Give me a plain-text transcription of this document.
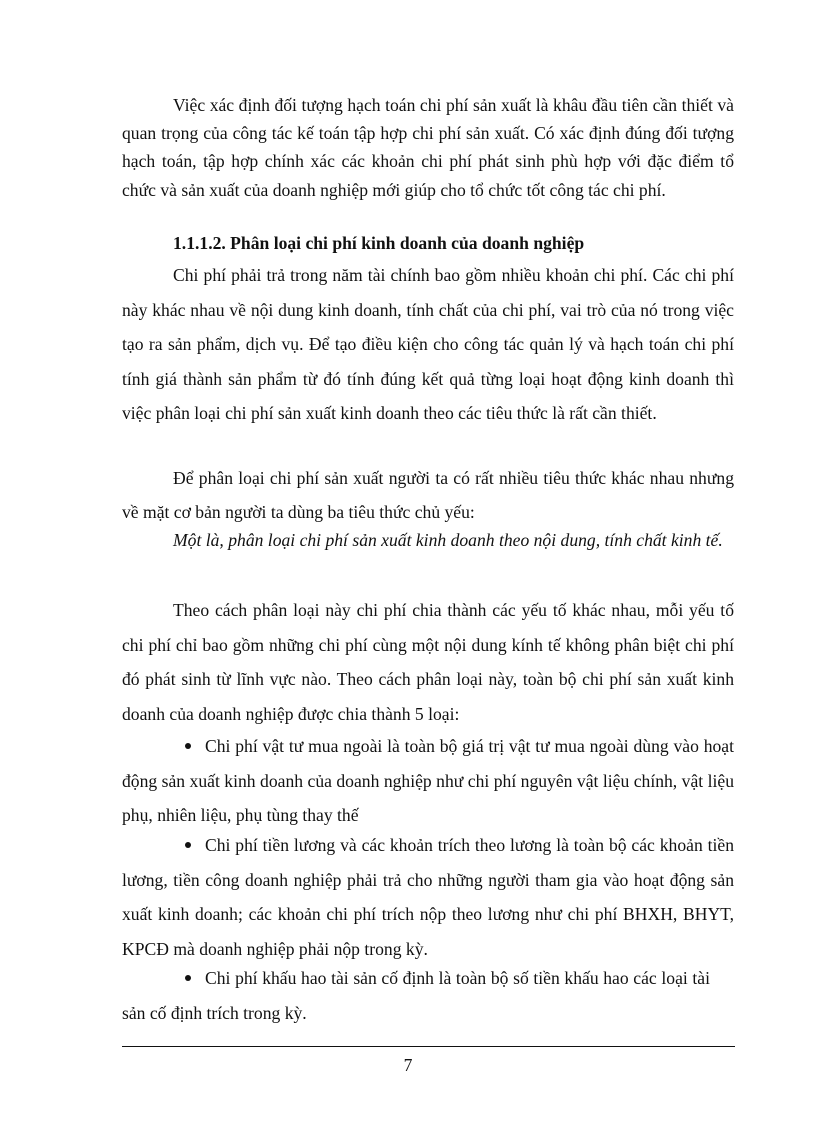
Việc xác định đối tượng hạch toán chi phí sản xuất là khâu đầu tiên cần thiết và quan trọng của công tác kế toán tập hợp chi phí sản xuất. Có xác định đúng đối tượng hạch toán, tập hợp chính xác các khoản chi phí phát sinh phù hợp với đặc điểm tổ chức và sản xuất của doanh nghiệp mới giúp cho tổ chức tốt công tác chi phí.

1.1.1.2. Phân loại chi phí kinh doanh của doanh nghiệp

Chi phí phải trả trong năm tài chính bao gồm nhiều khoản chi phí. Các chi phí này khác nhau về nội dung kinh doanh, tính chất của chi phí, vai trò của nó trong việc tạo ra sản phẩm, dịch vụ. Để tạo điều kiện cho công tác quản lý và hạch toán chi phí tính giá thành sản phẩm từ đó tính đúng kết quả từng loại hoạt động kinh doanh thì việc phân loại chi phí sản xuất kinh doanh theo các tiêu thức là rất cần thiết.

Để phân loại chi phí sản xuất người ta có rất nhiều tiêu thức khác nhau nhưng về mặt cơ bản người ta dùng ba tiêu thức chủ yếu:

Một là, phân loại chi phí sản xuất kinh doanh theo nội dung, tính chất kinh tế.

Theo cách phân loại này chi phí chia thành các yếu tố khác nhau, mỗi yếu tố chi phí chỉ bao gồm những chi phí cùng một nội dung kính tế không phân biệt chi phí đó phát sinh từ lĩnh vực nào. Theo cách phân loại này, toàn bộ chi phí sản xuất kinh doanh của doanh nghiệp được chia thành 5 loại:

Chi phí vật tư mua ngoài là toàn bộ giá trị vật tư mua ngoài dùng vào hoạt động sản xuất kinh doanh của doanh nghiệp như chi phí nguyên vật liệu chính, vật liệu phụ, nhiên liệu, phụ tùng thay thế

Chi phí tiền lương và các khoản trích theo lương là toàn bộ các khoản tiền lương, tiền công doanh nghiệp phải trả cho những người tham gia vào hoạt động sản xuất kinh doanh; các khoản chi phí trích nộp theo lương như chi phí BHXH, BHYT, KPCĐ mà doanh nghiệp phải nộp trong kỳ.

Chi phí khấu hao tài sản cố định là toàn bộ số tiền khấu hao các loại tài sản cố định trích trong kỳ.

7
